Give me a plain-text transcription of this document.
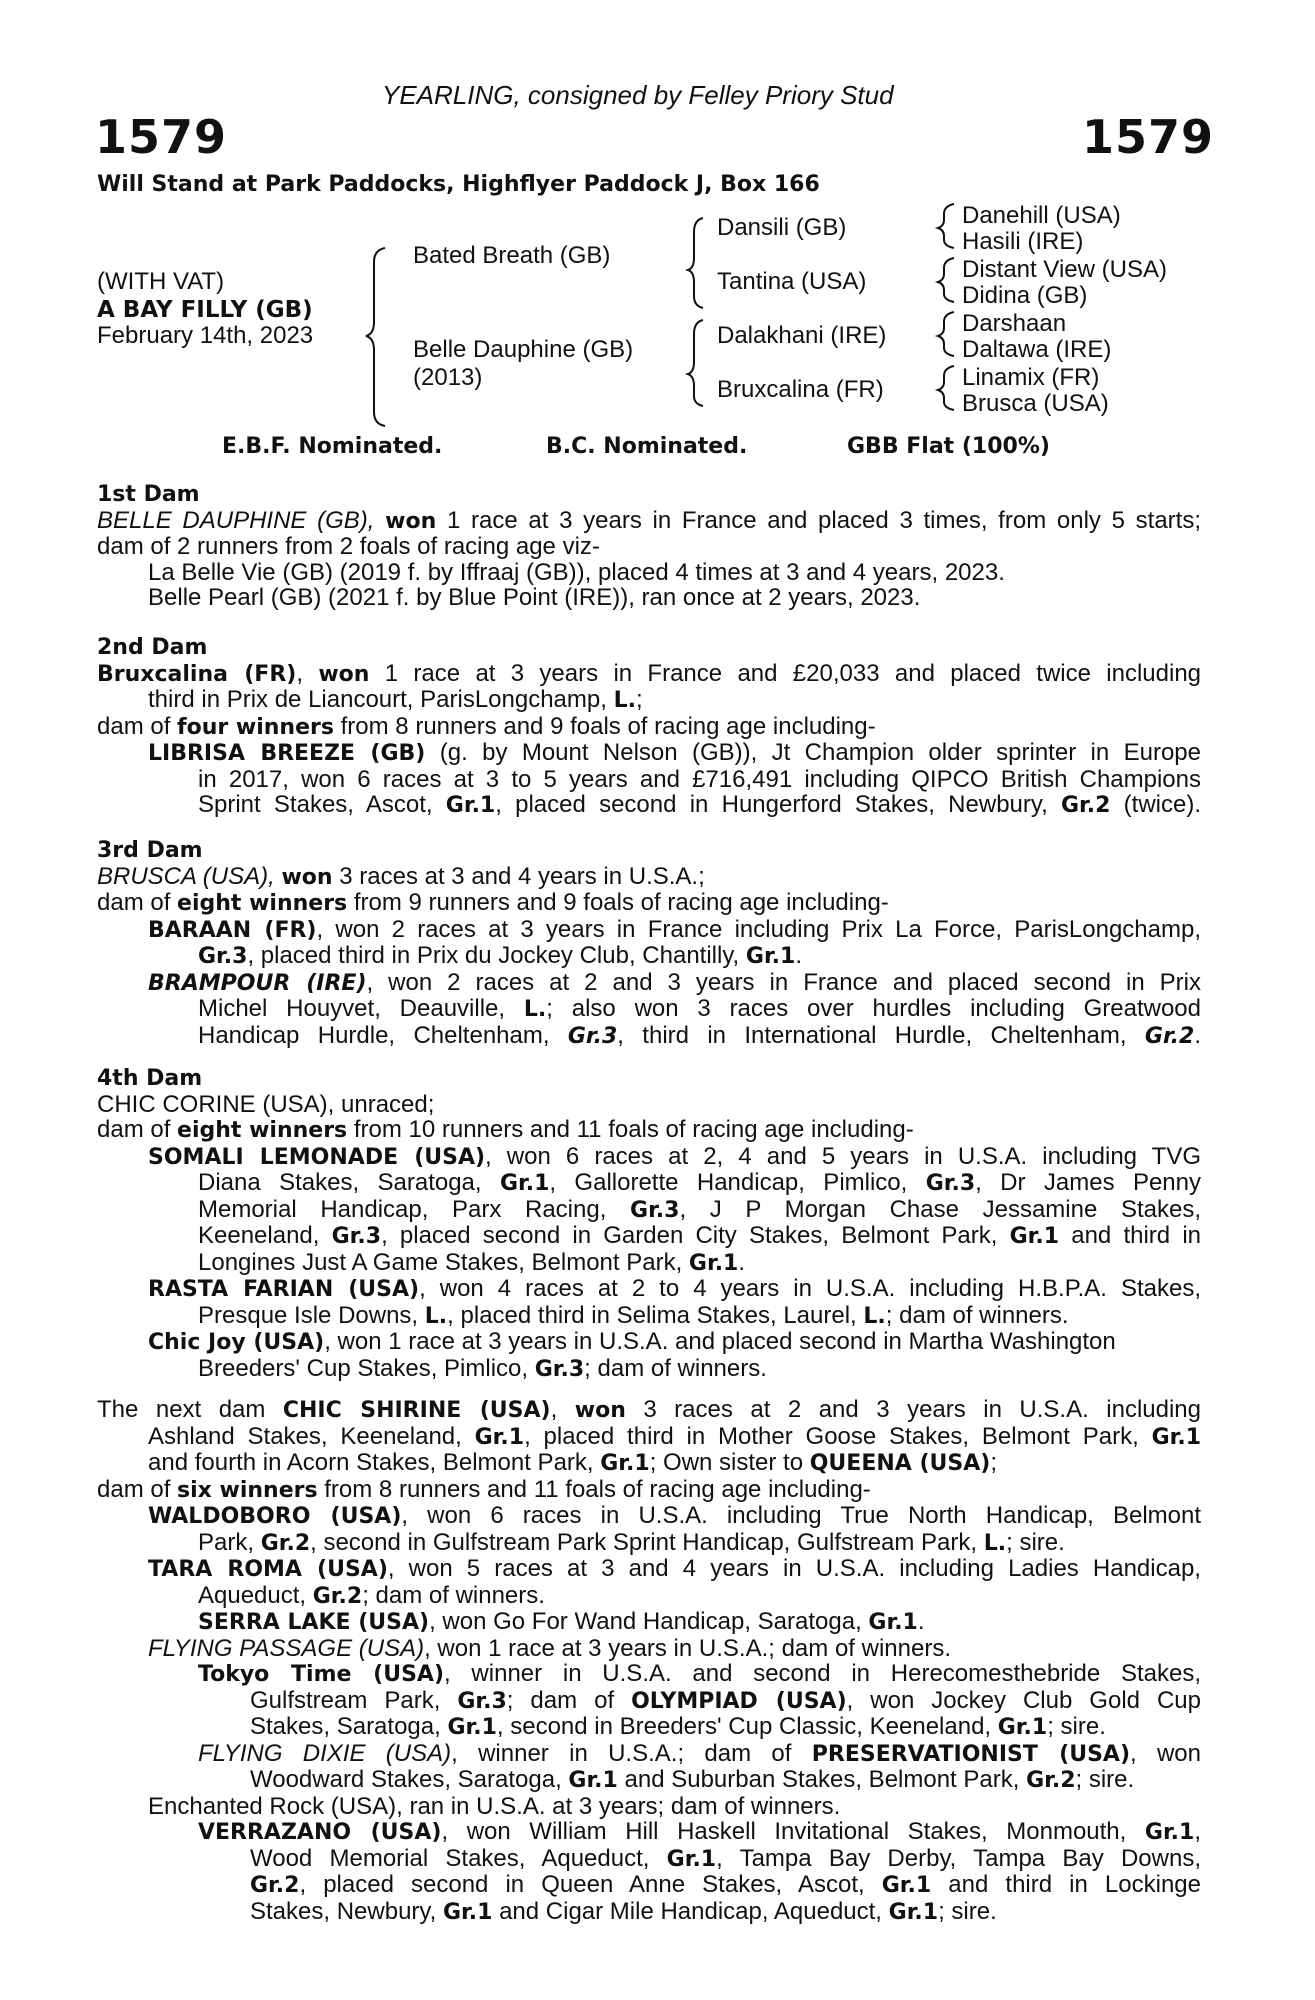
YEARLING, consigned by Felley Priory Stud
1579	1579
Will Stand at Park Paddocks, Highflyer Paddock J, Box 166
(WITH VAT)
A BAY FILLY (GB)
February 14th, 2023
Bated Breath (GB)
Belle Dauphine (GB)
(2013)
Dansili (GB)
Tantina (USA)
Dalakhani (IRE)
Bruxcalina (FR)
Danehill (USA)
Hasili (IRE)
Distant View (USA)
Didina (GB)
Darshaan
Daltawa (IRE)
Linamix (FR)
Brusca (USA)
E.B.F. Nominated.	B.C. Nominated.	GBB Flat (100%)
1st Dam
BELLE DAUPHINE (GB), won 1 race at 3 years in France and placed 3 times, from only 5 starts;
dam of 2 runners from 2 foals of racing age viz-
La Belle Vie (GB) (2019 f. by Iffraaj (GB)), placed 4 times at 3 and 4 years, 2023.
Belle Pearl (GB) (2021 f. by Blue Point (IRE)), ran once at 2 years, 2023.
2nd Dam
Bruxcalina (FR), won 1 race at 3 years in France and £20,033 and placed twice including
third in Prix de Liancourt, ParisLongchamp, L.;
dam of four winners from 8 runners and 9 foals of racing age including-
LIBRISA BREEZE (GB) (g. by Mount Nelson (GB)), Jt Champion older sprinter in Europe
in 2017, won 6 races at 3 to 5 years and £716,491 including QIPCO British Champions
Sprint Stakes, Ascot, Gr.1, placed second in Hungerford Stakes, Newbury, Gr.2 (twice).
3rd Dam
BRUSCA (USA), won 3 races at 3 and 4 years in U.S.A.;
dam of eight winners from 9 runners and 9 foals of racing age including-
BARAAN (FR), won 2 races at 3 years in France including Prix La Force, ParisLongchamp,
Gr.3, placed third in Prix du Jockey Club, Chantilly, Gr.1.
BRAMPOUR (IRE), won 2 races at 2 and 3 years in France and placed second in Prix
Michel Houyvet, Deauville, L.; also won 3 races over hurdles including Greatwood
Handicap Hurdle, Cheltenham, Gr.3, third in International Hurdle, Cheltenham, Gr.2.
4th Dam
CHIC CORINE (USA), unraced;
dam of eight winners from 10 runners and 11 foals of racing age including-
SOMALI LEMONADE (USA), won 6 races at 2, 4 and 5 years in U.S.A. including TVG
Diana Stakes, Saratoga, Gr.1, Gallorette Handicap, Pimlico, Gr.3, Dr James Penny
Memorial Handicap, Parx Racing, Gr.3, J P Morgan Chase Jessamine Stakes,
Keeneland, Gr.3, placed second in Garden City Stakes, Belmont Park, Gr.1 and third in
Longines Just A Game Stakes, Belmont Park, Gr.1.
RASTA FARIAN (USA), won 4 races at 2 to 4 years in U.S.A. including H.B.P.A. Stakes,
Presque Isle Downs, L., placed third in Selima Stakes, Laurel, L.; dam of winners.
Chic Joy (USA), won 1 race at 3 years in U.S.A. and placed second in Martha Washington
Breeders' Cup Stakes, Pimlico, Gr.3; dam of winners.
The next dam CHIC SHIRINE (USA), won 3 races at 2 and 3 years in U.S.A. including
Ashland Stakes, Keeneland, Gr.1, placed third in Mother Goose Stakes, Belmont Park, Gr.1
and fourth in Acorn Stakes, Belmont Park, Gr.1; Own sister to QUEENA (USA);
dam of six winners from 8 runners and 11 foals of racing age including-
WALDOBORO (USA), won 6 races in U.S.A. including True North Handicap, Belmont
Park, Gr.2, second in Gulfstream Park Sprint Handicap, Gulfstream Park, L.; sire.
TARA ROMA (USA), won 5 races at 3 and 4 years in U.S.A. including Ladies Handicap,
Aqueduct, Gr.2; dam of winners.
SERRA LAKE (USA), won Go For Wand Handicap, Saratoga, Gr.1.
FLYING PASSAGE (USA), won 1 race at 3 years in U.S.A.; dam of winners.
Tokyo Time (USA), winner in U.S.A. and second in Herecomesthebride Stakes,
Gulfstream Park, Gr.3; dam of OLYMPIAD (USA), won Jockey Club Gold Cup
Stakes, Saratoga, Gr.1, second in Breeders' Cup Classic, Keeneland, Gr.1; sire.
FLYING DIXIE (USA), winner in U.S.A.; dam of PRESERVATIONIST (USA), won
Woodward Stakes, Saratoga, Gr.1 and Suburban Stakes, Belmont Park, Gr.2; sire.
Enchanted Rock (USA), ran in U.S.A. at 3 years; dam of winners.
VERRAZANO (USA), won William Hill Haskell Invitational Stakes, Monmouth, Gr.1,
Wood Memorial Stakes, Aqueduct, Gr.1, Tampa Bay Derby, Tampa Bay Downs,
Gr.2, placed second in Queen Anne Stakes, Ascot, Gr.1 and third in Lockinge
Stakes, Newbury, Gr.1 and Cigar Mile Handicap, Aqueduct, Gr.1; sire.
